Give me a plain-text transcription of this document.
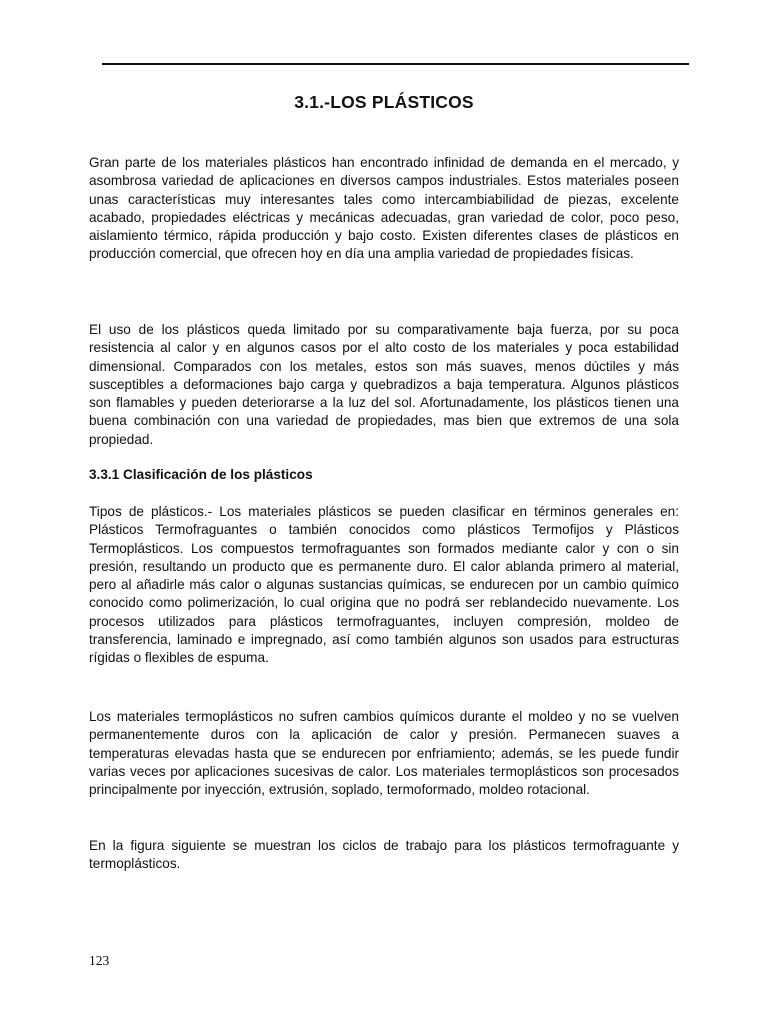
3.1.-LOS PLÁSTICOS

Gran parte de los materiales plásticos han encontrado infinidad de demanda en el mercado, y asombrosa variedad de aplicaciones en diversos campos industriales. Estos materiales poseen unas características muy interesantes tales como intercambiabilidad de piezas, excelente acabado, propiedades eléctricas y mecánicas adecuadas, gran variedad de color, poco peso, aislamiento térmico, rápida producción y bajo costo. Existen diferentes clases de plásticos en producción comercial, que ofrecen hoy en día una amplia variedad de propiedades físicas.

El uso de los plásticos queda limitado por su comparativamente baja fuerza, por su poca resistencia al calor y en algunos casos por el alto costo de los materiales y poca estabilidad dimensional. Comparados con los metales, estos son más suaves, menos dúctiles y más susceptibles a deformaciones bajo carga y quebradizos a baja temperatura. Algunos plásticos son flamables y pueden deteriorarse a la luz del sol. Afortunadamente, los plásticos tienen una buena combinación con una variedad de propiedades, mas bien que extremos de una sola propiedad.

3.3.1 Clasificación de los plásticos

Tipos de plásticos.- Los materiales plásticos se pueden clasificar en términos generales en: Plásticos Termofraguantes o también conocidos como plásticos Termofijos y Plásticos Termoplásticos. Los compuestos termofraguantes son formados mediante calor y con o sin presión, resultando un producto que es permanente duro. El calor ablanda primero al material, pero al añadirle más calor o algunas sustancias químicas, se endurecen por un cambio químico conocido como polimerización, lo cual origina que no podrá ser reblandecido nuevamente. Los procesos utilizados para plásticos termofraguantes, incluyen compresión, moldeo de transferencia, laminado e impregnado, así como también algunos son usados para estructuras rígidas o flexibles de espuma.

Los materiales termoplásticos no sufren cambios químicos durante el moldeo y no se vuelven permanentemente duros con la aplicación de calor y presión. Permanecen suaves a temperaturas elevadas hasta que se endurecen por enfriamiento; además, se les puede fundir varias veces por aplicaciones sucesivas de calor. Los materiales termoplásticos son procesados principalmente por inyección, extrusión, soplado, termoformado, moldeo rotacional.

En la figura siguiente se muestran los ciclos de trabajo para los plásticos termofraguante y termoplásticos.

123
